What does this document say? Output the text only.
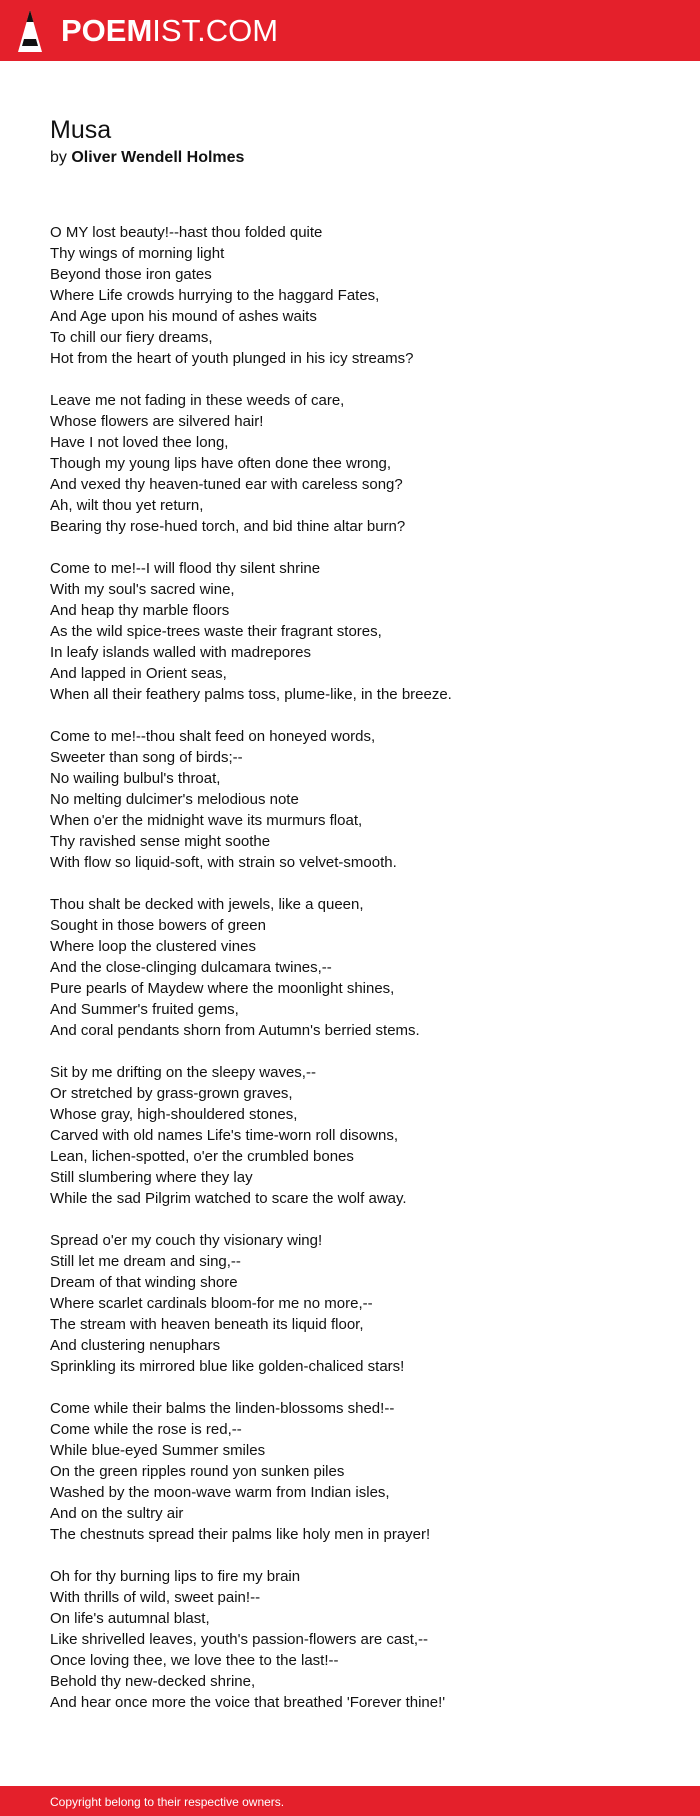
POEMIST.COM
Musa
by Oliver Wendell Holmes
O MY lost beauty!--hast thou folded quite
Thy wings of morning light
Beyond those iron gates
Where Life crowds hurrying to the haggard Fates,
And Age upon his mound of ashes waits
To chill our fiery dreams,
Hot from the heart of youth plunged in his icy streams?
Leave me not fading in these weeds of care,
Whose flowers are silvered hair!
Have I not loved thee long,
Though my young lips have often done thee wrong,
And vexed thy heaven-tuned ear with careless song?
Ah, wilt thou yet return,
Bearing thy rose-hued torch, and bid thine altar burn?
Come to me!--I will flood thy silent shrine
With my soul's sacred wine,
And heap thy marble floors
As the wild spice-trees waste their fragrant stores,
In leafy islands walled with madrepores
And lapped in Orient seas,
When all their feathery palms toss, plume-like, in the breeze.
Come to me!--thou shalt feed on honeyed words,
Sweeter than song of birds;--
No wailing bulbul's throat,
No melting dulcimer's melodious note
When o'er the midnight wave its murmurs float,
Thy ravished sense might soothe
With flow so liquid-soft, with strain so velvet-smooth.
Thou shalt be decked with jewels, like a queen,
Sought in those bowers of green
Where loop the clustered vines
And the close-clinging dulcamara twines,--
Pure pearls of Maydew where the moonlight shines,
And Summer's fruited gems,
And coral pendants shorn from Autumn's berried stems.
Sit by me drifting on the sleepy waves,--
Or stretched by grass-grown graves,
Whose gray, high-shouldered stones,
Carved with old names Life's time-worn roll disowns,
Lean, lichen-spotted, o'er the crumbled bones
Still slumbering where they lay
While the sad Pilgrim watched to scare the wolf away.
Spread o'er my couch thy visionary wing!
Still let me dream and sing,--
Dream of that winding shore
Where scarlet cardinals bloom-for me no more,--
The stream with heaven beneath its liquid floor,
And clustering nenuphars
Sprinkling its mirrored blue like golden-chaliced stars!
Come while their balms the linden-blossoms shed!--
Come while the rose is red,--
While blue-eyed Summer smiles
On the green ripples round yon sunken piles
Washed by the moon-wave warm from Indian isles,
And on the sultry air
The chestnuts spread their palms like holy men in prayer!
Oh for thy burning lips to fire my brain
With thrills of wild, sweet pain!--
On life's autumnal blast,
Like shrivelled leaves, youth's passion-flowers are cast,--
Once loving thee, we love thee to the last!--
Behold thy new-decked shrine,
And hear once more the voice that breathed 'Forever thine!'
Copyright belong to their respective owners.
